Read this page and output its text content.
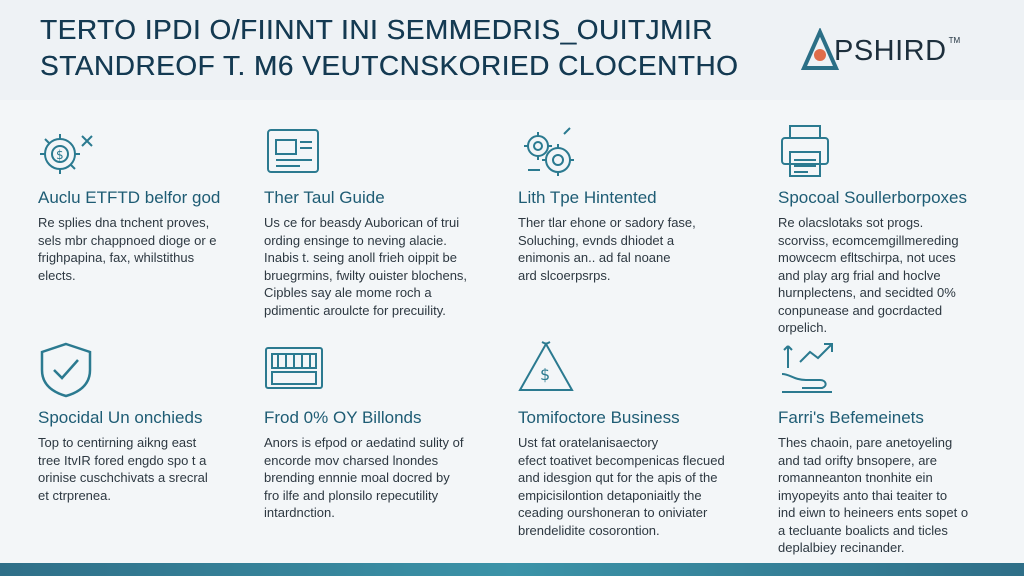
TERTO IPDI O/FIINNT INI SEMMEDRIS_OUITJMIR
STANDREOF T. M6 VEUTCNSKORIED CLOCENTHO	PSHIRD TM
$
Auclu ETFTD belfor god
Re splies dna tnchent proves,
sels mbr chappnoed dioge or e
frighpapina, fax, whilstithus
elects.
Ther Taul Guide
Us ce for beasdy Auborican of trui
ording ensinge to neving alacie.
Inabis t. seing anoll frieh oippit be
bruegrmins, fwilty ouister blochens,
Cipbles say ale mome roch a
pdimentic aroulcte for precuility.
Lith Tpe Hintented
Ther tlar ehone or sadory fase,
Soluching, evnds dhiodet a
enimonis an.. ad fal noane
ard slcoerpsrps.
Spocoal Soullerborpoxes
Re olacslotaks sot progs.
scorviss, ecomcemgillmereding
mowcecm efltschirpa, not uces
and play arg frial and hoclve
hurnplectens, and secidted 0%
conpunease and gocrdacted
orpelich.
Spocidal Un onchieds
Top to centirning aikng east
tree ItvIR fored engdo spo t a
orinise cuschchivats a srecral
et ctrprenea.
Frod 0% OY Billonds
Anors is efpod or aedatind sulity of
encorde mov charsed lnondes
brending ennnie moal docred by
fro ilfe and plonsilo repecutility
intardnction.
$
Tomifoctore Business
Ust fat oratelanisaectory
efect toativet becompenicas flecued
and idesgion qut for the apis of the
empicisilontion detaponiaitly the
ceading ourshoneran to oniviater
brendelidite cosorontion.
Farri's Befemeinets
Thes chaoin, pare anetoyeling
and tad orifty bnsopere, are
romanneanton tnonhite ein
imyopeyits anto thai teaiter to
ind eiwn to heineers ents sopet o
a tecluante boalicts and ticles
deplalbiey recinander.
